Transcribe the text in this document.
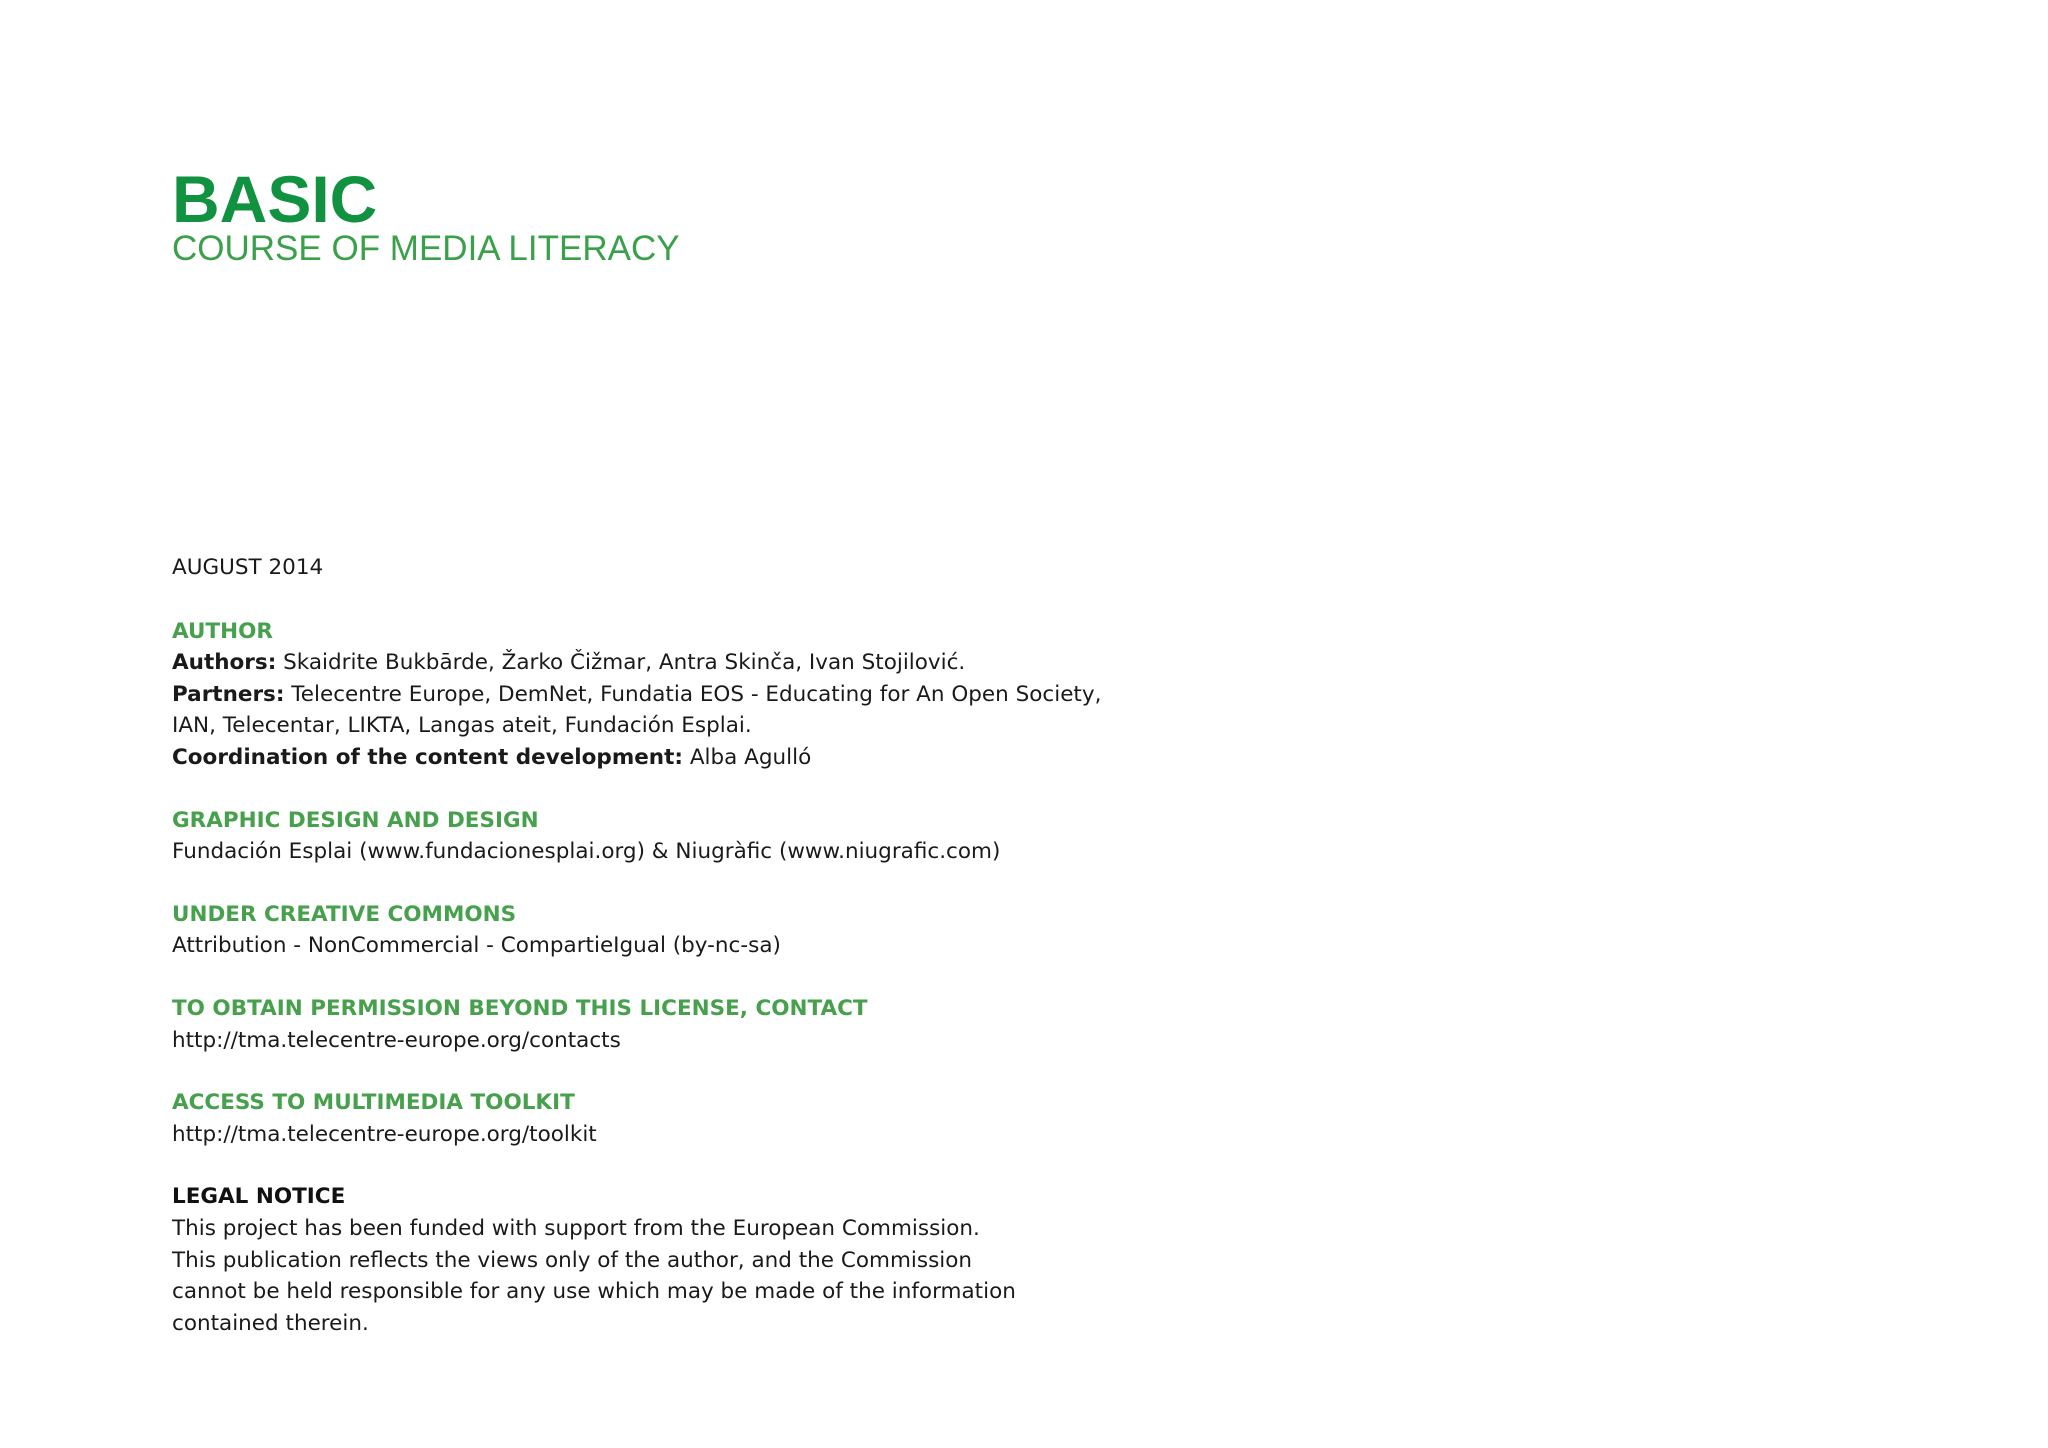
BASIC
COURSE OF MEDIA LITERACY

AUGUST 2014

AUTHOR

Authors: Skaidrite Bukbārde, Žarko Čižmar, Antra Skinča, Ivan Stojilović.

Partners: Telecentre Europe, DemNet, Fundatia EOS - Educating for An Open Society,

IAN, Telecentar, LIKTA, Langas ateit, Fundación Esplai.

Coordination of the content development: Alba Agulló

GRAPHIC DESIGN AND DESIGN

Fundación Esplai (www.fundacionesplai.org) & Niugràfic (www.niugrafic.com)

UNDER CREATIVE COMMONS

Attribution - NonCommercial - CompartieIgual (by-nc-sa)

TO OBTAIN PERMISSION BEYOND THIS LICENSE, CONTACT

http://tma.telecentre-europe.org/contacts

ACCESS TO MULTIMEDIA TOOLKIT

http://tma.telecentre-europe.org/toolkit

LEGAL NOTICE

This project has been funded with support from the European Commission.

This publication reflects the views only of the author, and the Commission

cannot be held responsible for any use which may be made of the information

contained therein.
